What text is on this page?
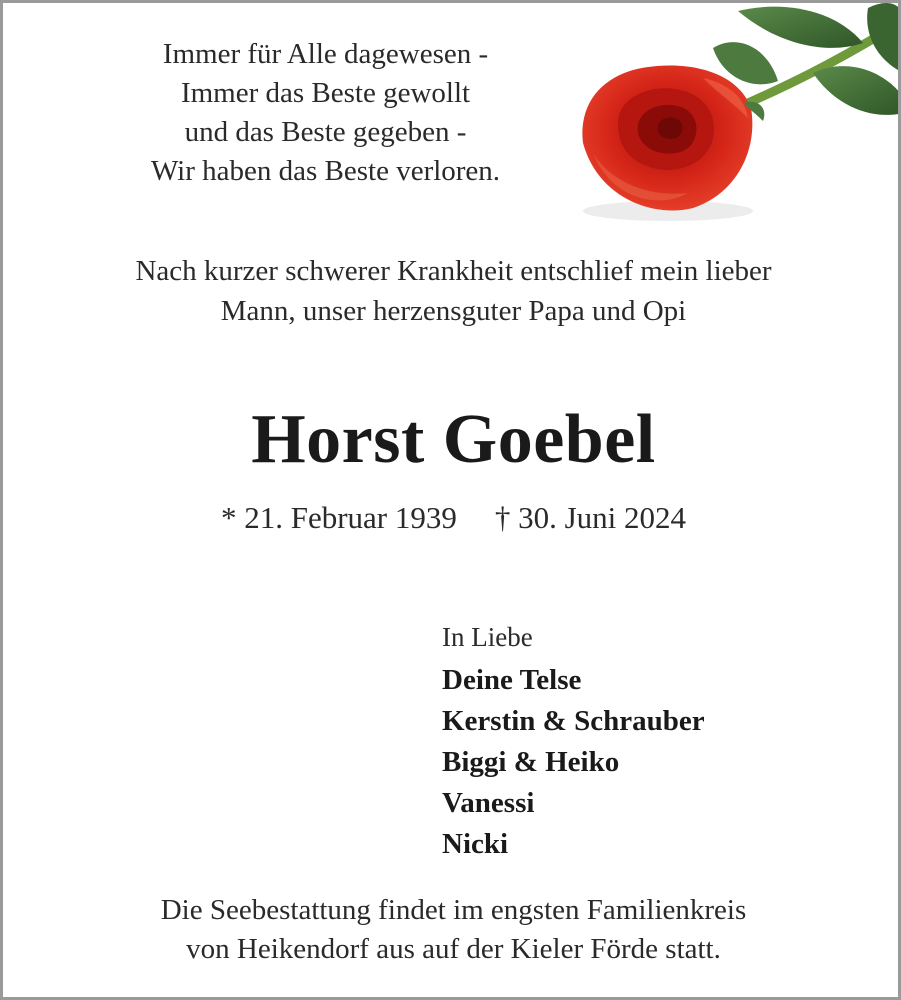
Immer für Alle dagewesen -
Immer das Beste gewollt
und das Beste gegeben -
Wir haben das Beste verloren.
Nach kurzer schwerer Krankheit entschlief mein lieber
Mann, unser herzensguter Papa und Opi
Horst Goebel
* 21. Februar 1939 † 30. Juni 2024
In Liebe
Deine Telse
Kerstin & Schrauber
Biggi & Heiko
Vanessi
Nicki
Die Seebestattung findet im engsten Familienkreis
von Heikendorf aus auf der Kieler Förde statt.
